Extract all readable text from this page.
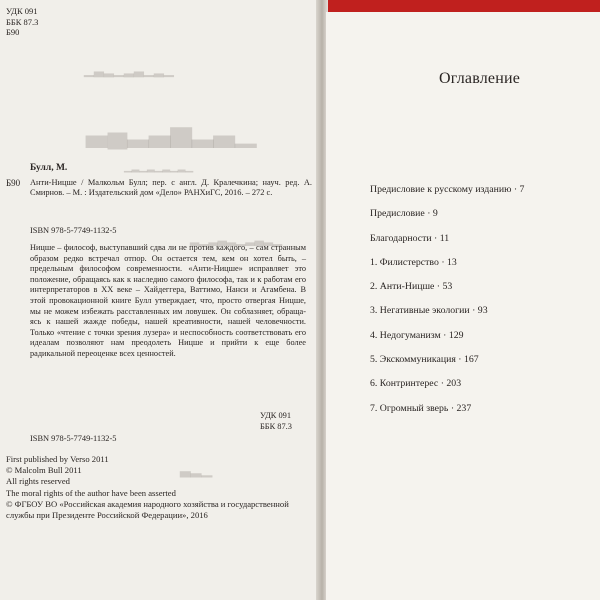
УДК 091
ББК 87.3
Б90
▁▂▁▃▂▁▂▃▁
▁▃▂▅▃▂▄▃
▁▂▁▂▁▂▁▂▁
▁▂▃▂▁▂▃▂▁▂
▁▂▃
Булл, М.
Б90 Анти-Ницше / Малкольм Булл; пер. с англ. Д. Кралечкина; науч. ред. А. Смирнов. – М. : Издательский дом «Дело» РАНХиГС, 2016. – 272 с.
ISBN 978-5-7749-1132-5
Ницше – философ, выступавший сдва ли не против каждого, – сам странным образом редко встречал отпор. Он остается тем, кем он хотел быть, – предельным философом современности. «Анти-Ницше» исправляет это положение, обращаясь как к наследию самого философа, так и к работам его интерпретаторов в XX веке – Хайдеггера, Ваттимо, Нанси и Агамбена. В этой провокационной книге Булл утверждает, что, просто отвергая Ницше, мы не можем избежать расставленных им ловушек. Он соблазняет, обращаясь к нашей жажде победы, нашей креативности, нашей человечности. Только «чтение с точки зрения лузера» и неспособность соответствовать его идеалам позволяют нам преодолеть Ницше и прийти к еще более радикальной переоценке всех ценностей.
УДК 091
ББК 87.3
ISBN 978-5-7749-1132-5
First published by Verso 2011
© Malcolm Bull 2011
All rights reserved
The moral rights of the author have been asserted
© ФГБОУ ВО «Российская академия народного хозяйства и государственной службы при Президенте Российской Федерации», 2016
Оглавление
Предисловие к русскому изданию · 7
Предисловие · 9
Благодарности · 11
1. Филистерство · 13
2. Анти-Ницше · 53
3. Негативные экологии · 93
4. Недогуманизм · 129
5. Экскоммуникация · 167
6. Контринтерес · 203
7. Огромный зверь · 237
